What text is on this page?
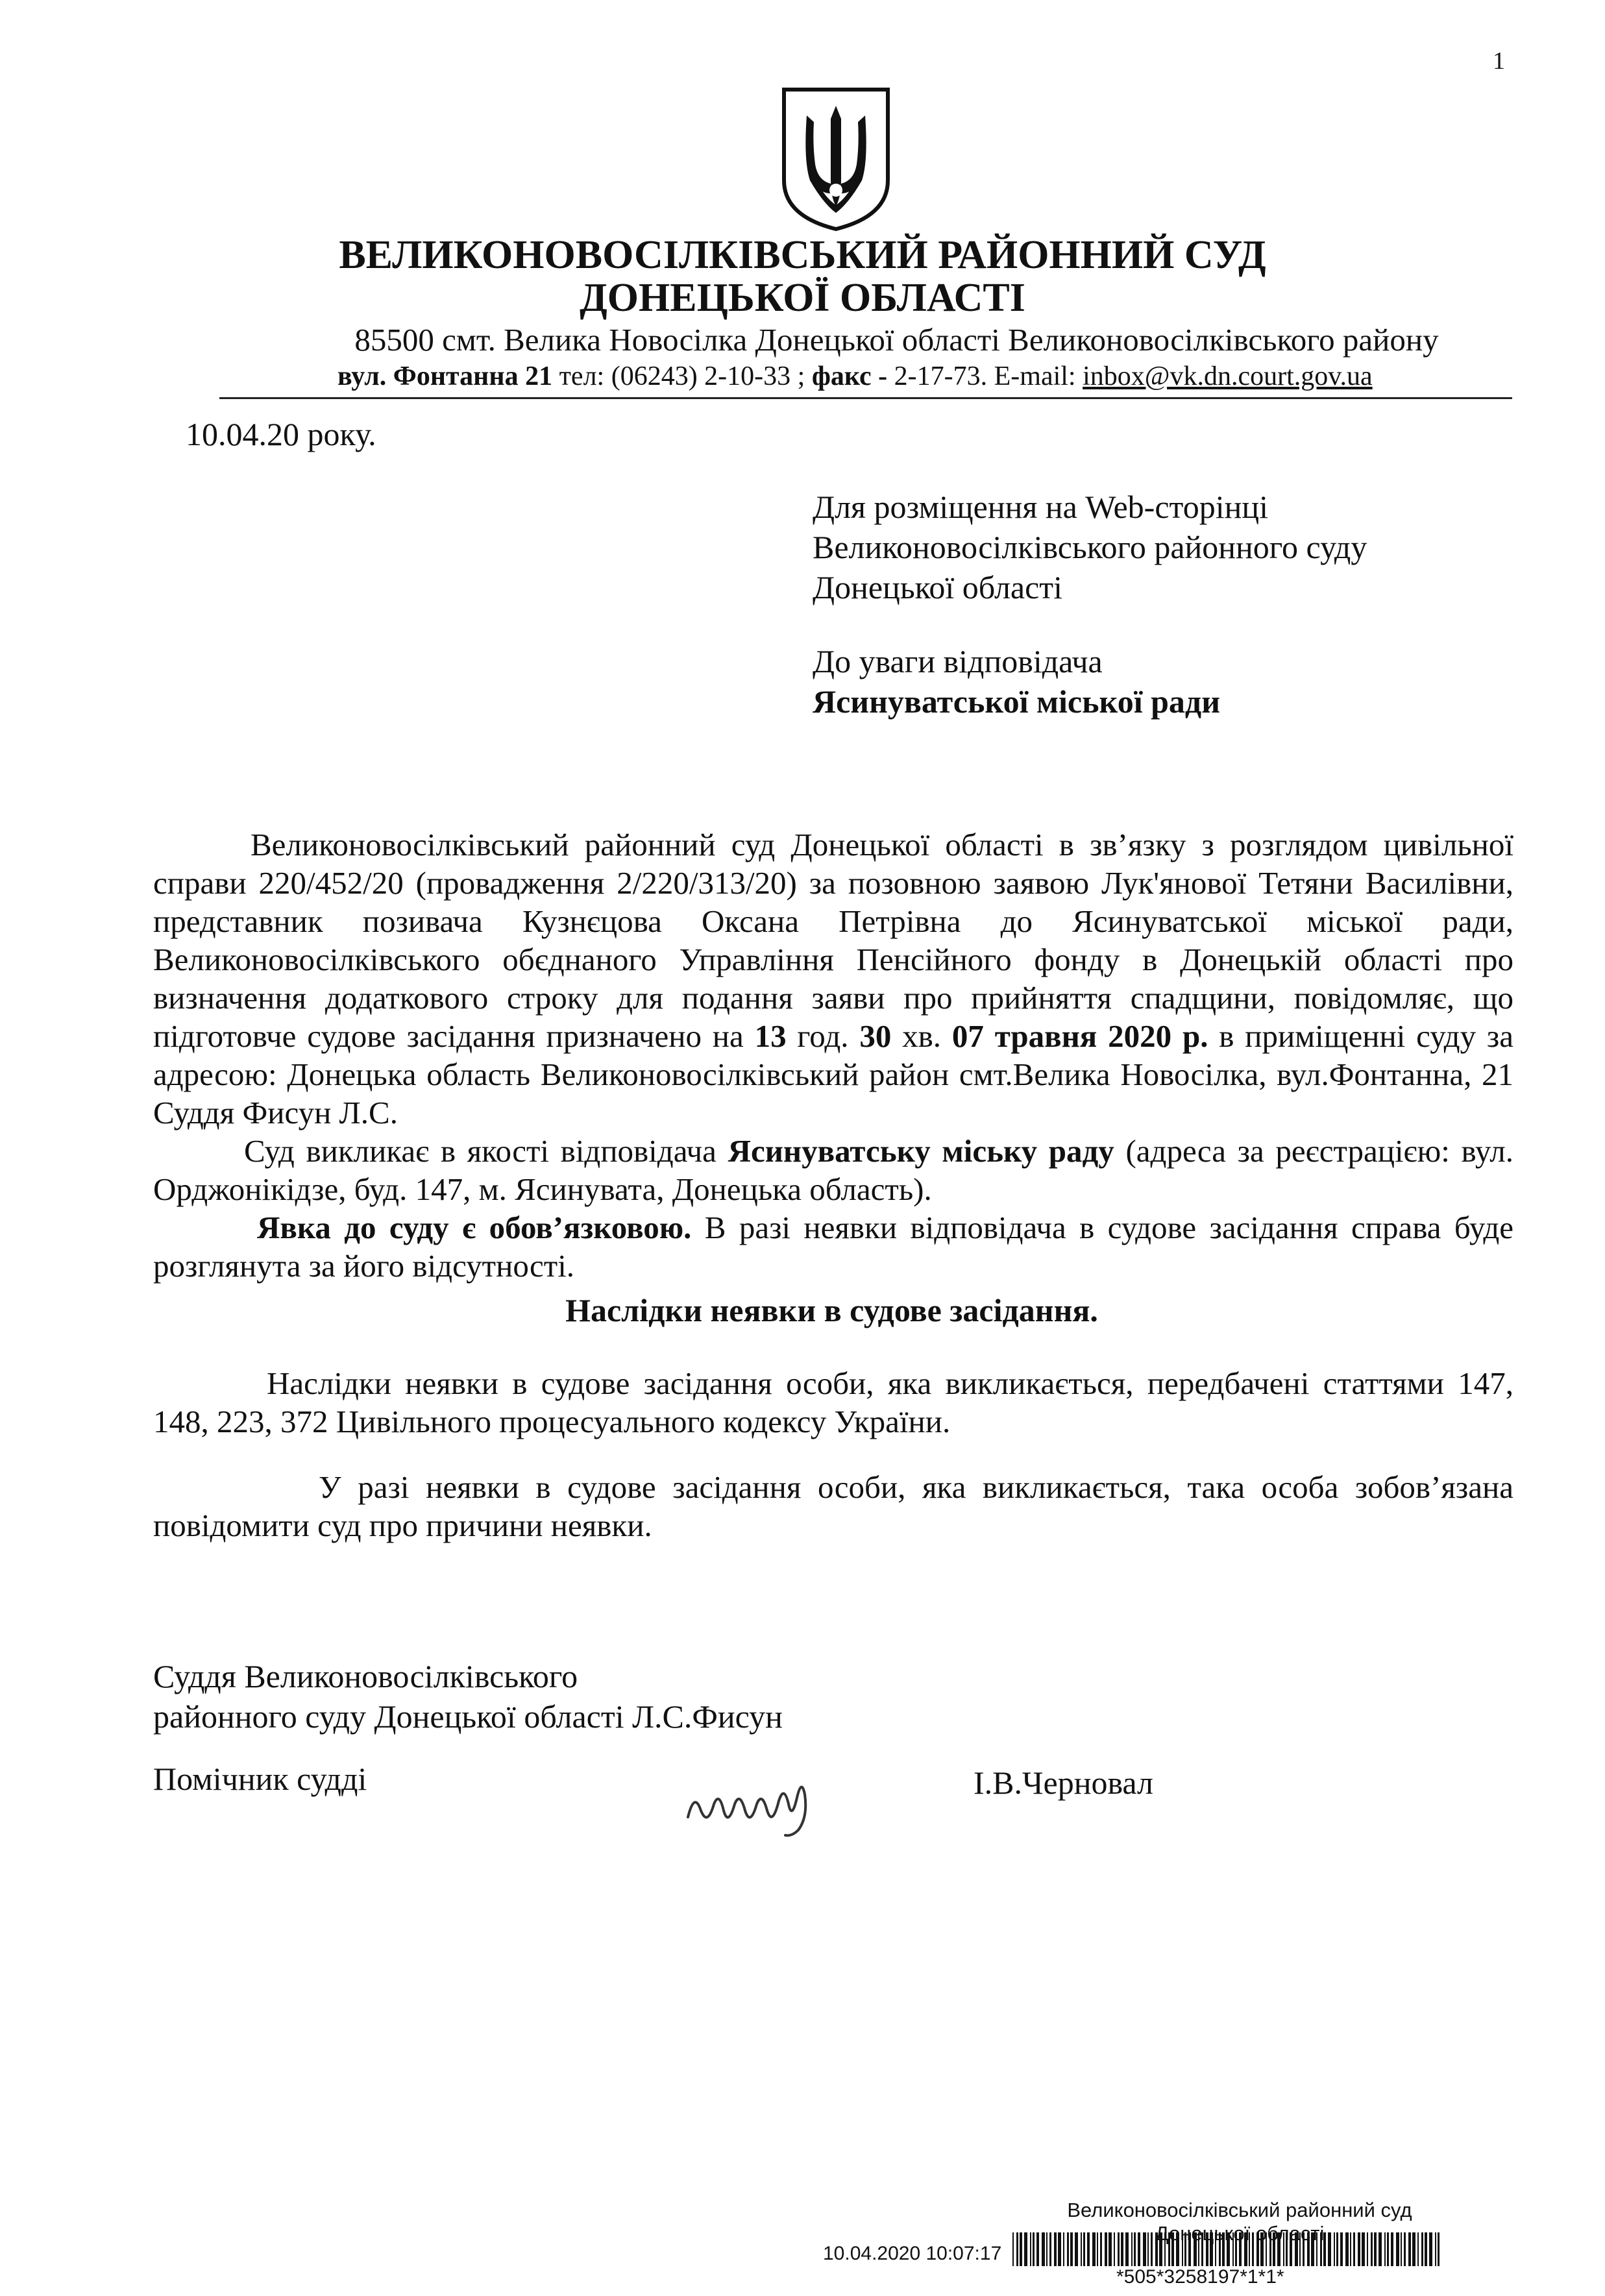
1
ВЕЛИКОНОВОСІЛКІВСЬКИЙ РАЙОННИЙ СУД
ДОНЕЦЬКОЇ ОБЛАСТІ
85500 смт. Велика Новосілка Донецької області Великоновосілківського району
вул. Фонтанна 21 тел: (06243) 2-10-33 ; факс - 2-17-73. E-mail: inbox@vk.dn.court.gov.ua
10.04.20 року.
Для розміщення на Web-сторінці
Великоновосілківського районного суду
Донецької області
До уваги відповідача
Ясинуватської міської ради
Великоновосілківський районний суд Донецької області в зв’язку з розглядом цивільної справи 220/452/20 (провадження 2/220/313/20) за позовною заявою Лук'янової Тетяни Василівни, представник позивача Кузнєцова Оксана Петрівна до Ясинуватської міської ради, Великоновосілківського обєднаного Управління Пенсійного фонду в Донецькій області про визначення додаткового строку для подання заяви про прийняття спадщини, повідомляє, що підготовче судове засідання призначено на 13 год. 30 хв. 07 травня 2020 р. в приміщенні суду за адресою: Донецька область Великоновосілківський район смт.Велика Новосілка, вул.Фонтанна, 21 Суддя Фисун Л.С.
Суд викликає в якості відповідача Ясинуватську міську раду (адреса за реєстрацією: вул. Орджонікідзе, буд. 147, м. Ясинувата, Донецька область).
Явка до суду є обов’язковою. В разі неявки відповідача в судове засідання справа буде розглянута за його відсутності.
Наслідки неявки в судове засідання.
Наслідки неявки в судове засідання особи, яка викликається, передбачені статтями 147, 148, 223, 372 Цивільного процесуального кодексу України.
У разі неявки в судове засідання особи, яка викликається, така особа зобов’язана повідомити суд про причини неявки.
Суддя Великоновосілківського
районного суду Донецької області Л.С.Фисун
Помічник судді	І.В.Черновал
Великоновосілківський районний суд
Донецької
10.04.2020 10:07:17
*505*3258197*1*1*
